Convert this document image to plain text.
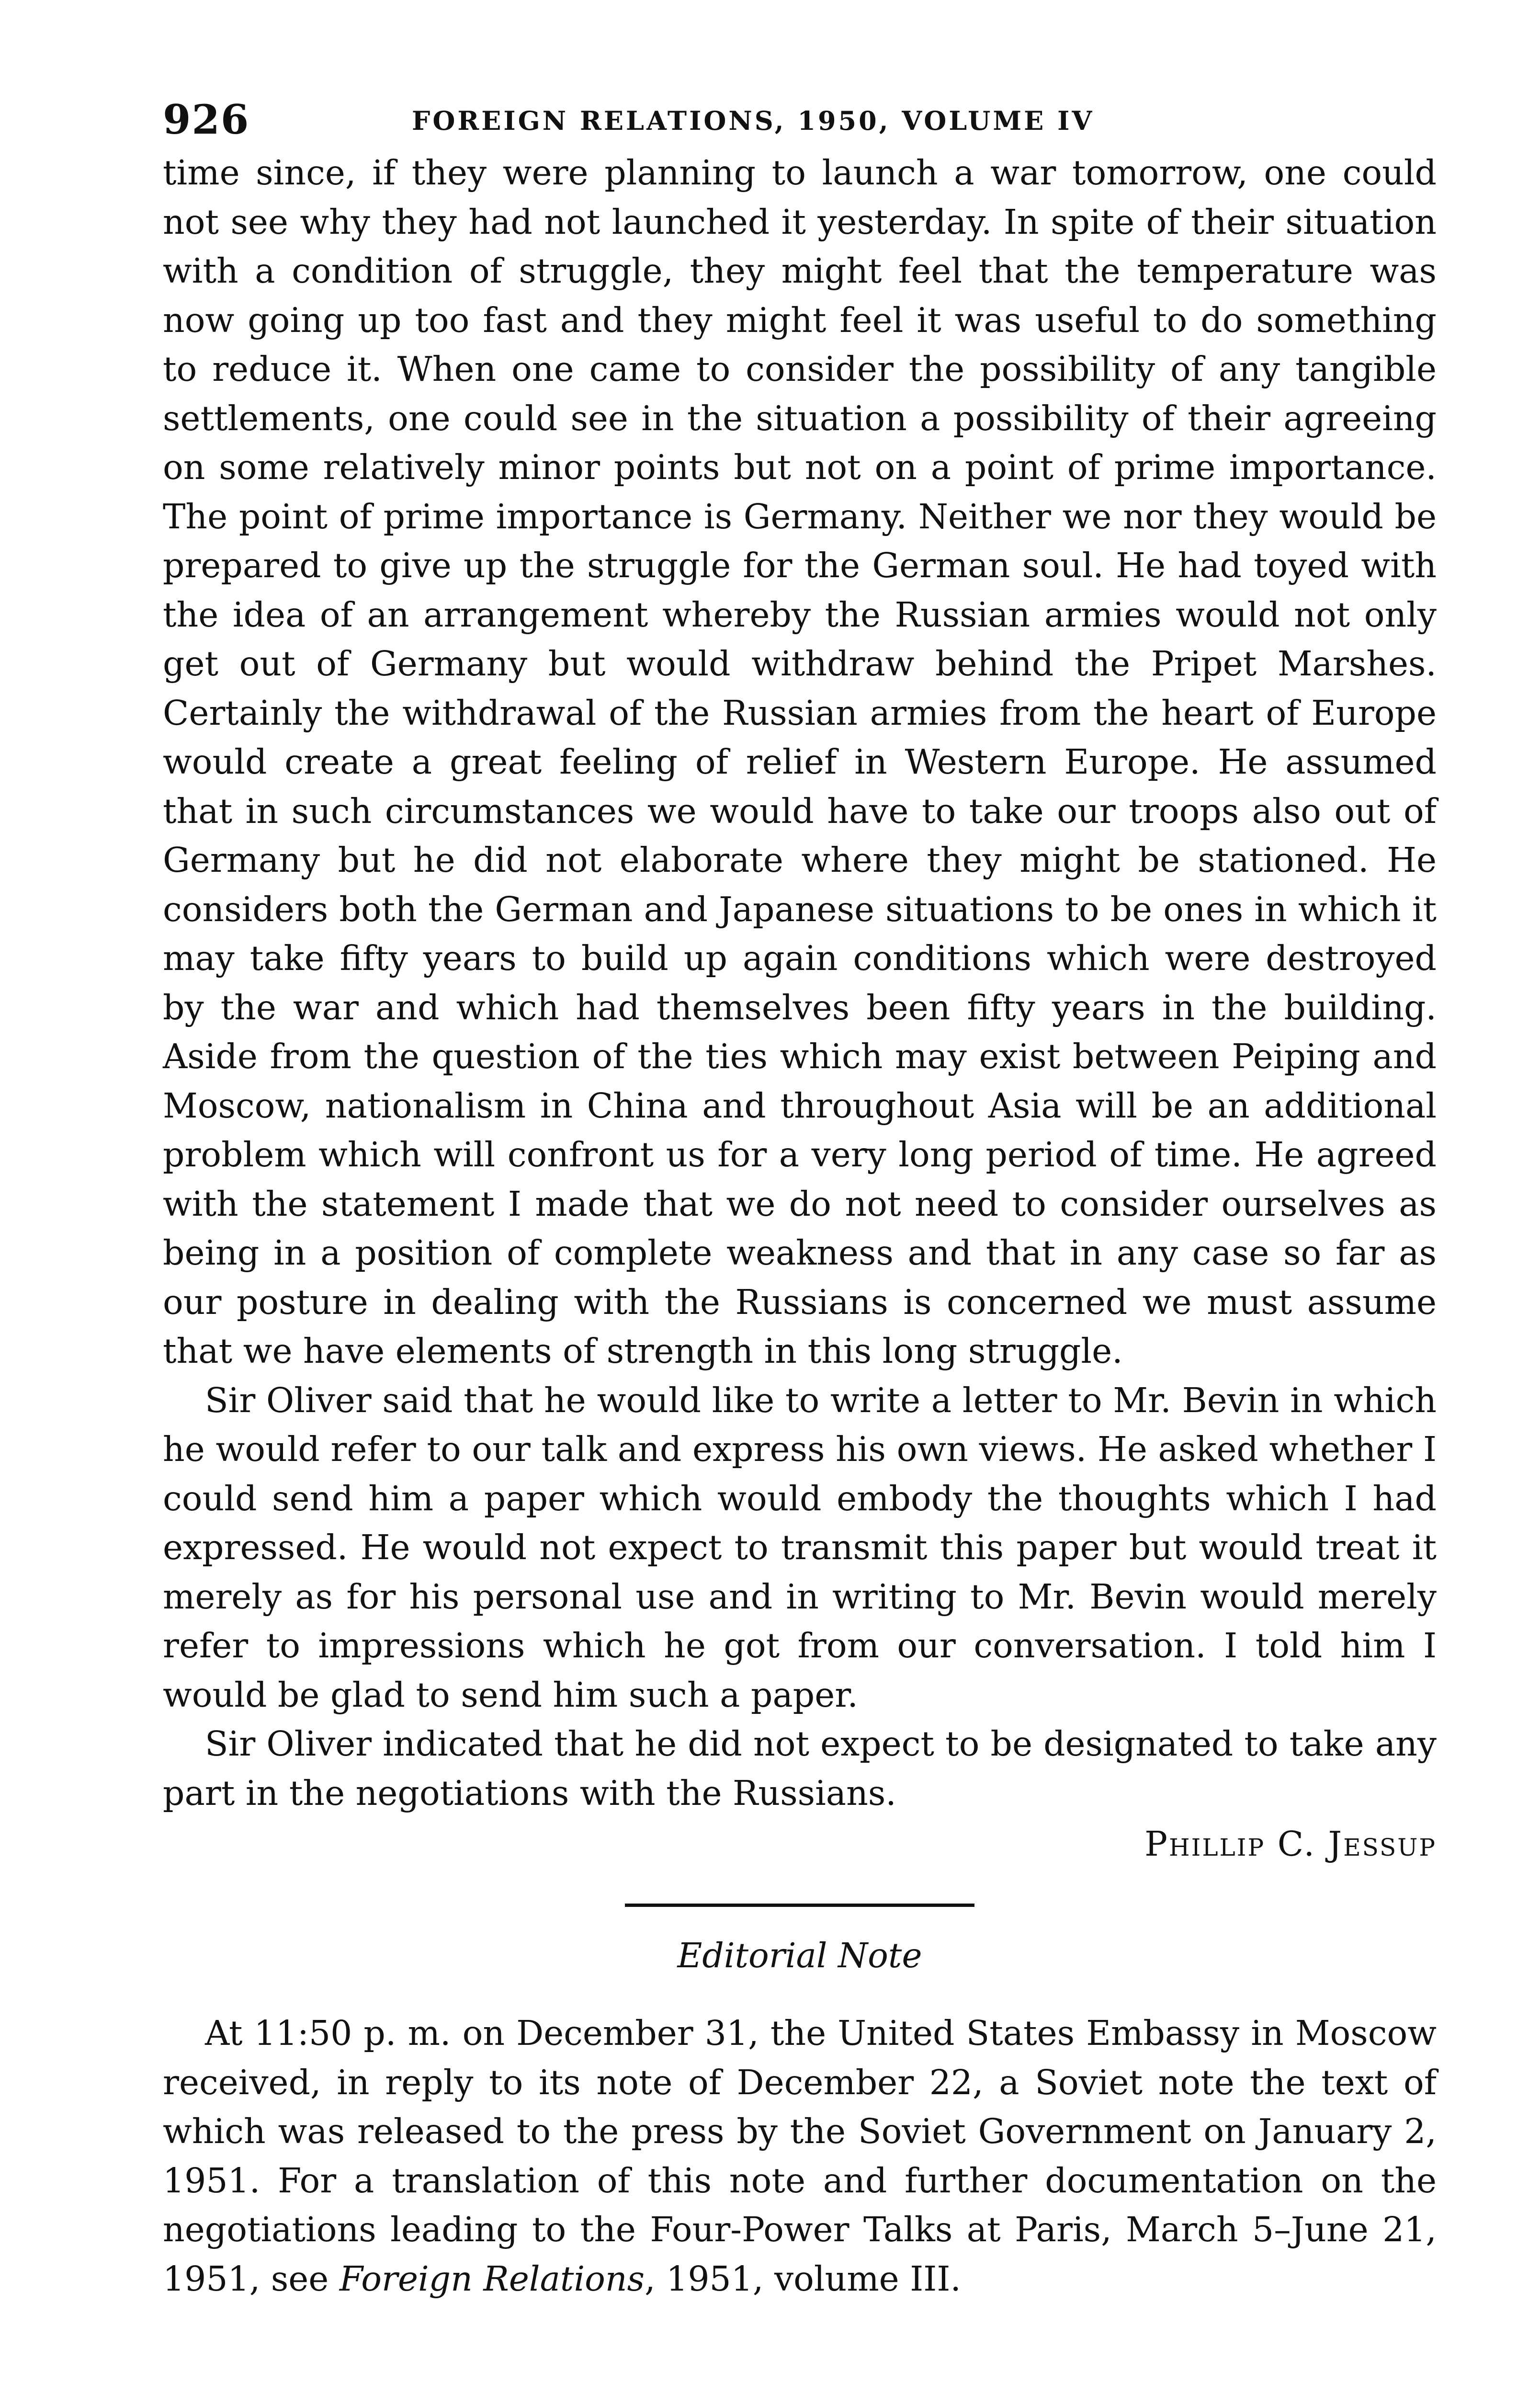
926	FOREIGN RELATIONS, 1950, VOLUME IV

time since, if they were planning to launch a war tomorrow, one could not see why they had not launched it yesterday. In spite of their situation with a condition of struggle, they might feel that the temperature was now going up too fast and they might feel it was useful to do something to reduce it. When one came to consider the possibility of any tangible settlements, one could see in the situation a possibility of their agreeing on some relatively minor points but not on a point of prime importance. The point of prime importance is Germany. Neither we nor they would be prepared to give up the struggle for the German soul. He had toyed with the idea of an arrangement whereby the Russian armies would not only get out of Germany but would withdraw behind the Pripet Marshes. Certainly the withdrawal of the Russian armies from the heart of Europe would create a great feeling of relief in Western Europe. He assumed that in such circumstances we would have to take our troops also out of Germany but he did not elaborate where they might be stationed. He considers both the German and Japanese situations to be ones in which it may take fifty years to build up again conditions which were destroyed by the war and which had themselves been fifty years in the building. Aside from the question of the ties which may exist between Peiping and Moscow, nationalism in China and throughout Asia will be an additional problem which will confront us for a very long period of time. He agreed with the statement I made that we do not need to consider ourselves as being in a position of complete weakness and that in any case so far as our posture in dealing with the Russians is concerned we must assume that we have elements of strength in this long struggle.

Sir Oliver said that he would like to write a letter to Mr. Bevin in which he would refer to our talk and express his own views. He asked whether I could send him a paper which would embody the thoughts which I had expressed. He would not expect to transmit this paper but would treat it merely as for his personal use and in writing to Mr. Bevin would merely refer to impressions which he got from our conversation. I told him I would be glad to send him such a paper.

Sir Oliver indicated that he did not expect to be designated to take any part in the negotiations with the Russians.

Phillip C. Jessup

Editorial Note

At 11:50 p. m. on December 31, the United States Embassy in Moscow received, in reply to its note of December 22, a Soviet note the text of which was released to the press by the Soviet Government on January 2, 1951. For a translation of this note and further documentation on the negotiations leading to the Four-Power Talks at Paris, March 5–June 21, 1951, see Foreign Relations, 1951, volume III.
